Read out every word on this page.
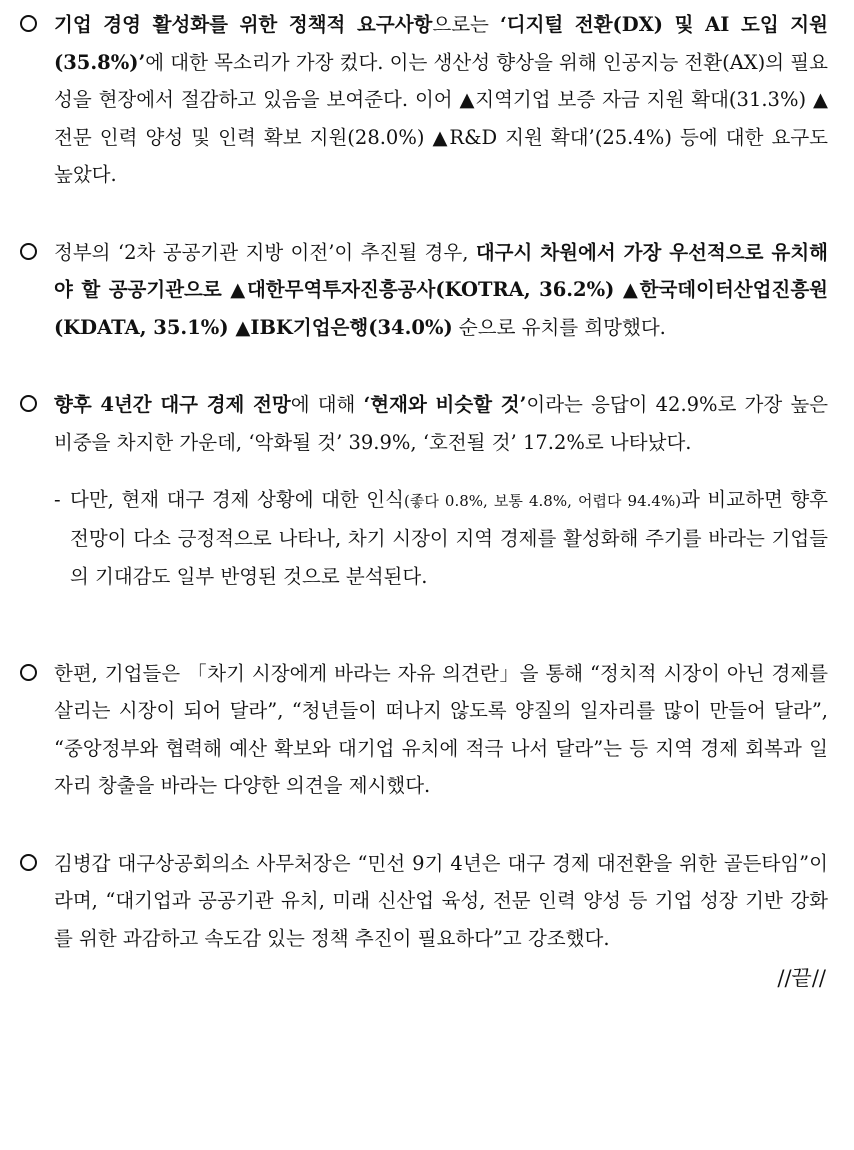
기업 경영 활성화를 위한 정책적 요구사항으로는 ‘디지털 전환(DX) 및 AI 도입 지원(35.8%)’에 대한 목소리가 가장 컸다. 이는 생산성 향상을 위해 인공지능 전환(AX)의 필요성을 현장에서 절감하고 있음을 보여준다. 이어 ▲지역기업 보증 자금 지원 확대(31.3%) ▲전문 인력 양성 및 인력 확보 지원(28.0%) ▲R&D 지원 확대’(25.4%) 등에 대한 요구도 높았다.

정부의 ‘2차 공공기관 지방 이전’이 추진될 경우, 대구시 차원에서 가장 우선적으로 유치해야 할 공공기관으로 ▲대한무역투자진흥공사(KOTRA, 36.2%) ▲한국데이터산업진흥원(KDATA, 35.1%) ▲IBK기업은행(34.0%) 순으로 유치를 희망했다.

향후 4년간 대구 경제 전망에 대해 ‘현재와 비슷할 것’이라는 응답이 42.9%로 가장 높은 비중을 차지한 가운데, ‘악화될 것’ 39.9%, ‘호전될 것’ 17.2%로 나타났다.

- 다만, 현재 대구 경제 상황에 대한 인식(좋다 0.8%, 보통 4.8%, 어렵다 94.4%)과 비교하면 향후 전망이 다소 긍정적으로 나타나, 차기 시장이 지역 경제를 활성화해 주기를 바라는 기업들의 기대감도 일부 반영된 것으로 분석된다.

한편, 기업들은 「차기 시장에게 바라는 자유 의견란」을 통해 “정치적 시장이 아닌 경제를 살리는 시장이 되어 달라”, “청년들이 떠나지 않도록 양질의 일자리를 많이 만들어 달라”, “중앙정부와 협력해 예산 확보와 대기업 유치에 적극 나서 달라”는 등 지역 경제 회복과 일자리 창출을 바라는 다양한 의견을 제시했다.

김병갑 대구상공회의소 사무처장은 “민선 9기 4년은 대구 경제 대전환을 위한 골든타임”이라며, “대기업과 공공기관 유치, 미래 신산업 육성, 전문 인력 양성 등 기업 성장 기반 강화를 위한 과감하고 속도감 있는 정책 추진이 필요하다”고 강조했다.

//끝//
